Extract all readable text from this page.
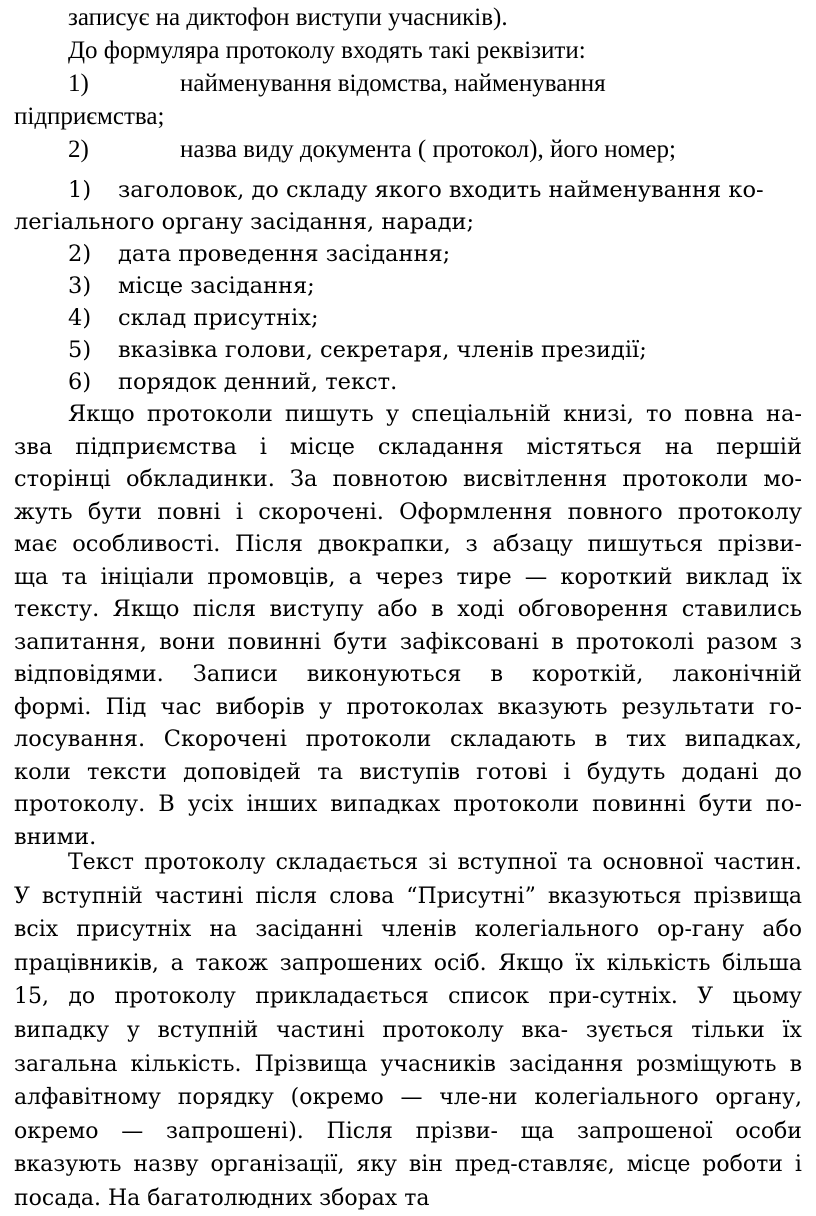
записує на диктофон виступи учасників).

До формуляра протоколу входять такі реквізити:

1)	найменування відомства, найменування

підприємства;

2)	назва виду документа ( протокол), його номер;

1) заголовок, до складу якого входить найменування ко-

легіального органу засідання, наради;

2) дата проведення засідання;

3) місце засідання;

4) склад присутніх;

5) вказівка голови, секретаря, членів президії;

6) порядок денний, текст.

Якщо протоколи пишуть у спеціальній книзі, то повна на-

зва підприємства і місце складання містяться на першій

сторінці обкладинки. За повнотою висвітлення протоколи мо-

жуть бути повні і скорочені. Оформлення повного протоколу

має особливості. Після двокрапки, з абзацу пишуться прізви-

ща та ініціали промовців, а через тире — короткий виклад їх

тексту. Якщо після виступу або в ході обговорення ставились

запитання, вони повинні бути зафіксовані в протоколі разом з

відповідями. Записи виконуються в короткій, лаконічній

формі. Під час виборів у протоколах вказують результати го-

лосування. Скорочені протоколи складають в тих випадках,

коли тексти доповідей та виступів готові і будуть додані до

протоколу. В усіх інших випадках протоколи повинні бути по-

вними.

Текст протоколу складається зі вступної та основної частин.

У вступній частині після слова “Присутні” вказуються прізвища

всіх присутніх на засіданні членів колегіального ор-гану або

працівників, а також запрошених осіб. Якщо їх кількість більша

15, до протоколу прикладається список при-сутніх. У цьому

випадку у вступній частині протоколу вка- зується тільки їх

загальна кількість. Прізвища учасників засідання розміщують в

алфавітному порядку (окремо — чле-ни колегіального органу,

окремо — запрошені). Після прізви- ща запрошеної особи

вказують назву організації, яку він пред-ставляє, місце роботи і

посада. На багатолюдних зборах та
